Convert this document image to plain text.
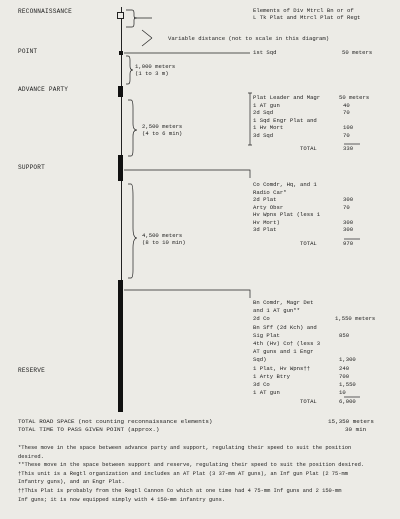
RECONNAISSANCE
POINT
ADVANCE PARTY
SUPPORT
RESERVE
Elements of Div Mtrcl Bn or of
L Tk Plat and Mtrcl Plat of Regt
Variable distance (not to scale in this diagram)
1st Sqd	50 meters
1,000 meters
(1 to 3 m)
Plat Leader and Magr	50 meters
1 AT gun	40
2d Sqd	70
1 Sqd Engr Plat and
1 Hv Mort	100
3d Sqd	70
TOTAL	330
2,500 meters
(4 to 6 min)
Co Comdr, Hq, and 1
Radio Car*
2d Plat	300
Arty Obsr	70
Hv Wpns Plat (less 1
Hv Mort)	300
3d Plat	300
TOTAL	970
4,500 meters
(8 to 10 min)
Bn Comdr, Magr Det
and 1 AT gun**
2d Co	1,550 meters
Bn Sff (2d Kch) and
Sig Plat	850
4th (Hv) Co† (less 3
AT guns and 1 Engr
Sqd)	1,300
1 Plat, Hv Wpns††	240
1 Arty Btry	700
3d Co	1,550
1 AT gun	10
TOTAL	6,000
TOTAL ROAD SPACE (not counting reconnaissance elements)	15,350 meters
TOTAL TIME TO PASS GIVEN POINT (approx.)	30 min
*These move in the space between advance party and support, regulating their speed to suit the position
desired.
**These move in the space between support and reserve, regulating their speed to suit the position desired.
†This unit is a Regtl organization and includes an AT Plat (3 37-mm AT guns), an Inf gun Plat (2 75-mm
Infantry guns), and an Engr Plat.
††This Plat is probably from the Regtl Cannon Co which at one time had 4 75-mm Inf guns and 2 150-mm
Inf guns; it is now equipped simply with 4 150-mm infantry guns.
